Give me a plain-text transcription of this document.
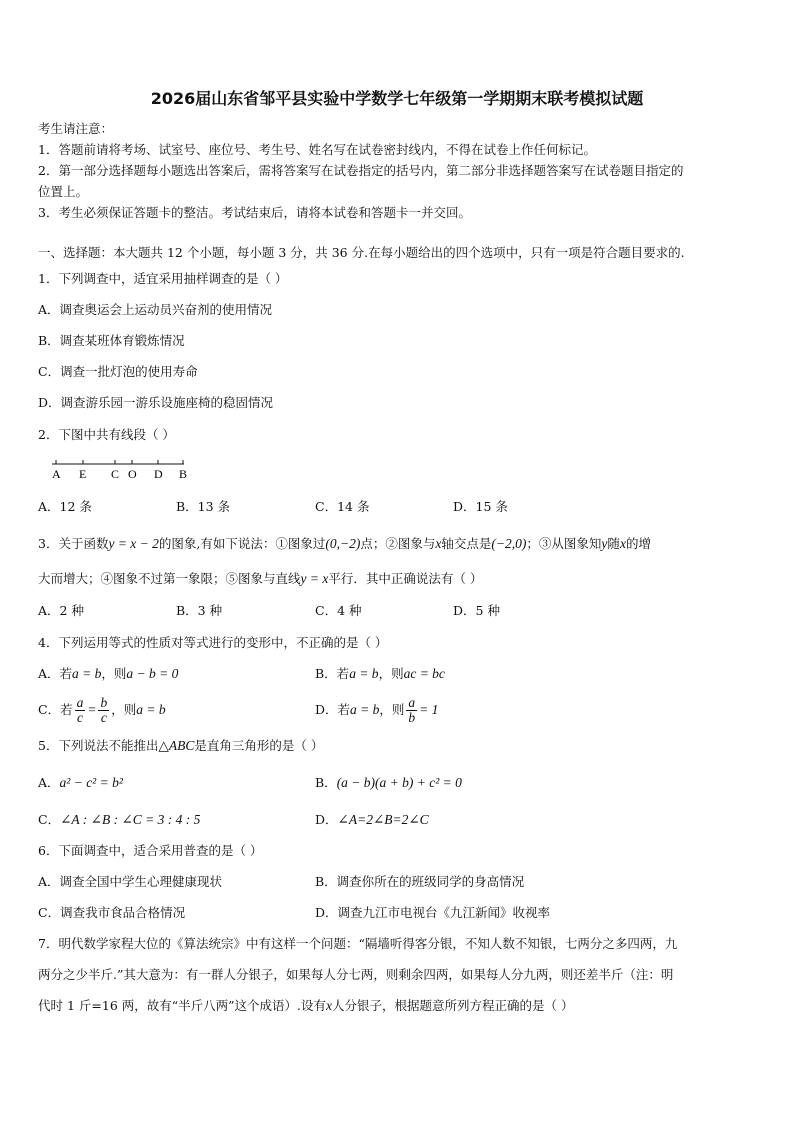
2026届山东省邹平县实验中学数学七年级第一学期期末联考模拟试题
考生请注意：
1．答题前请将考场、试室号、座位号、考生号、姓名写在试卷密封线内，不得在试卷上作任何标记。
2．第一部分选择题每小题选出答案后，需将答案写在试卷指定的括号内，第二部分非选择题答案写在试卷题目指定的
位置上。
3．考生必须保证答题卡的整洁。考试结束后，请将本试卷和答题卡一并交回。
一、选择题：本大题共 12 个小题，每小题 3 分，共 36 分.在每小题给出的四个选项中，只有一项是符合题目要求的.
1．下列调查中，适宜采用抽样调查的是（ ）
A．调查奥运会上运动员兴奋剂的使用情况
B．调查某班体育锻炼情况
C．调查一批灯泡的使用寿命
D．调查游乐园一游乐设施座椅的稳固情况
2．下图中共有线段（ ）
A E C O D B
A．12 条	B．13 条	C．14 条	D．15 条
3．关于函数y = x − 2的图象,有如下说法：①图象过(0,−2)点；②图象与x轴交点是(−2,0)；③从图象知y随x的增
大而增大；④图象不过第一象限；⑤图象与直线y = x平行．其中正确说法有（ ）
A．2 种	B．3 种	C．4 种	D．5 种
4．下列运用等式的性质对等式进行的变形中，不正确的是（ ）
A．若a = b，则a − b = 0	B．若a = b，则ac = bc
C．若 $\frac{a}{c} = \frac{b}{c}$ ，则a = b	D．若a = b，则 $\frac{a}{b} = 1$
5．下列说法不能推出△ABC是直角三角形的是（ ）
A．a² − c² = b²	B．(a − b)(a + b) + c² = 0
C．∠A : ∠B : ∠C = 3 : 4 : 5	D．∠A=2∠B=2∠C
6．下面调查中，适合采用普查的是（ ）
A．调查全国中学生心理健康现状	B．调查你所在的班级同学的身高情况
C．调查我市食品合格情况	D．调查九江市电视台《九江新闻》收视率
7．明代数学家程大位的《算法统宗》中有这样一个问题：“隔墙听得客分银，不知人数不知银，七两分之多四两，九
两分之少半斤.”其大意为：有一群人分银子，如果每人分七两，则剩余四两，如果每人分九两，则还差半斤（注：明
代时 1 斤=16 两，故有“半斤八两”这个成语）.设有x人分银子，根据题意所列方程正确的是（ ）
